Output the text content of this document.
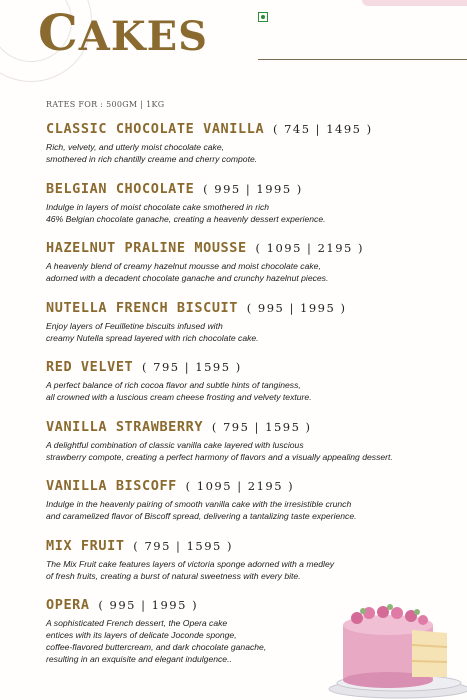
CAKES
RATES FOR : 500GM | 1KG
CLASSIC CHOCOLATE VANILLA ( 745 | 1495 )
Rich, velvety, and utterly moist chocolate cake,
smothered in rich chantilly creame and cherry compote.
BELGIAN CHOCOLATE ( 995 | 1995 )
Indulge in layers of moist chocolate cake smothered in rich
46% Belgian chocolate ganache, creating a heavenly dessert experience.
HAZELNUT PRALINE MOUSSE ( 1095 | 2195 )
A heavenly blend of creamy hazelnut mousse and moist chocolate cake,
adorned with a decadent chocolate ganache and crunchy hazelnut pieces.
NUTELLA FRENCH BISCUIT ( 995 | 1995 )
Enjoy layers of Feuilletine biscuits infused with
creamy Nutella spread layered with rich chocolate cake.
RED VELVET ( 795 | 1595 )
A perfect balance of rich cocoa flavor and subtle hints of tanginess,
all crowned with a luscious cream cheese frosting and velvety texture.
VANILLA STRAWBERRY ( 795 | 1595 )
A delightful combination of classic vanilla cake layered with luscious
strawberry compote, creating a perfect harmony of flavors and a visually appealing dessert.
VANILLA BISCOFF ( 1095 | 2195 )
Indulge in the heavenly pairing of smooth vanilla cake with the irresistible crunch
and caramelized flavor of Biscoff spread, delivering a tantalizing taste experience.
MIX FRUIT ( 795 | 1595 )
The Mix Fruit cake features layers of victoria sponge adorned with a medley
of fresh fruits, creating a burst of natural sweetness with every bite.
OPERA ( 995 | 1995 )
A sophisticated French dessert, the Opera cake
entices with its layers of delicate Joconde sponge,
coffee-flavored buttercream, and dark chocolate ganache,
resulting in an exquisite and elegant indulgence..
